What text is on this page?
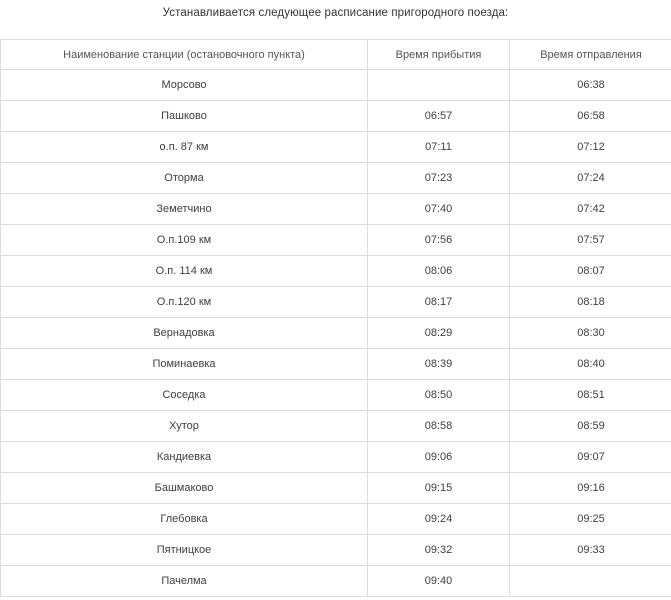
Устанавливается следующее расписание пригородного поезда:
Наименование станции (остановочного пункта)	Время прибытия	Время отправления
Морсово		06:38
Пашково	06:57	06:58
о.п. 87 км	07:11	07:12
Оторма	07:23	07:24
Земетчино	07:40	07:42
О.п.109 км	07:56	07:57
О.п. 114 км	08:06	08:07
О.п.120 км	08:17	08:18
Вернадовка	08:29	08:30
Поминаевка	08:39	08:40
Соседка	08:50	08:51
Хутор	08:58	08:59
Кандиевка	09:06	09:07
Башмаково	09:15	09:16
Глебовка	09:24	09:25
Пятницкое	09:32	09:33
Пачелма	09:40	
